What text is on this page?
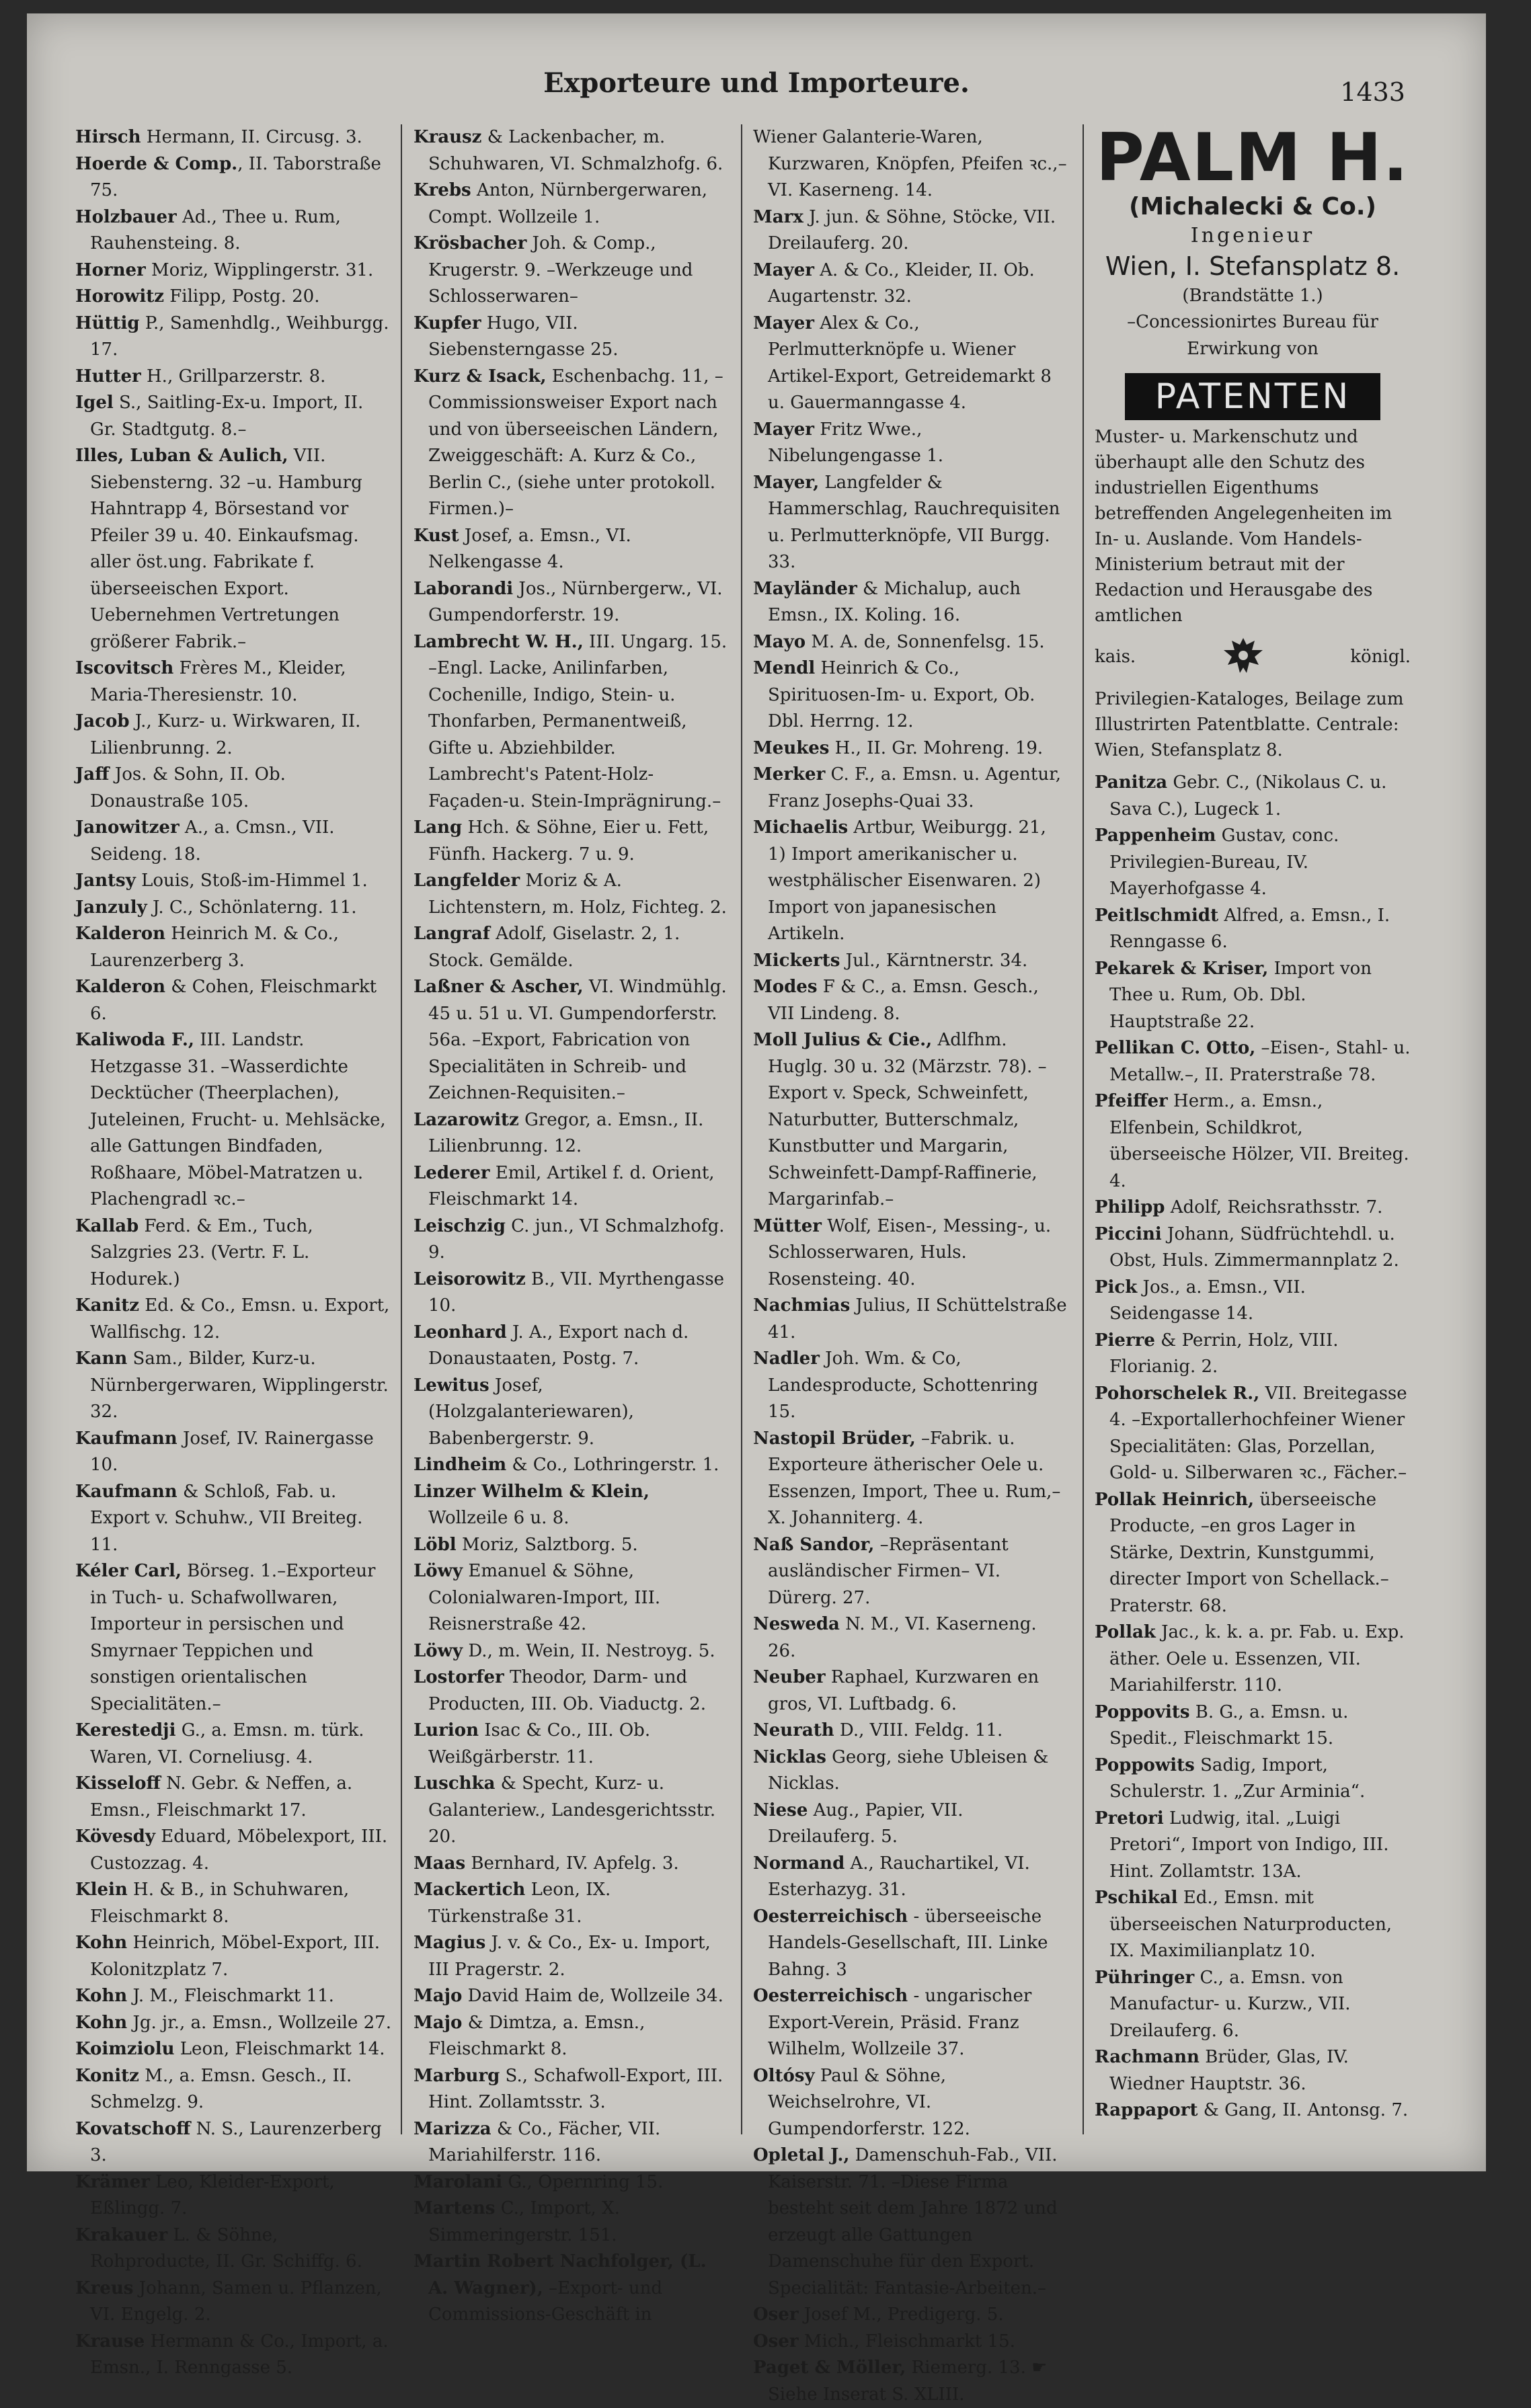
Exporteure und Importeure.	1433
Hirsch Hermann, II. Circusg. 3.
Hoerde & Comp., II. Taborstraße 75.
Holzbauer Ad., Thee u. Rum, Rauhensteing. 8.
Horner Moriz, Wipplingerstr. 31.
Horowitz Filipp, Postg. 20.
Hüttig P., Samenhdlg., Weihburgg. 17.
Hutter H., Grillparzerstr. 8.
Igel S., Saitling-Ex-u. Import, II. Gr. Stadtgutg. 8.–
Illes, Luban & Aulich, VII. Siebensterng. 32 –u. Hamburg Hahntrapp 4, Börsestand vor Pfeiler 39 u. 40. Einkaufsmag. aller öst.ung. Fabrikate f. überseeischen Export. Uebernehmen Vertretungen größerer Fabrik.–
Iscovitsch Frères M., Kleider, Maria-Theresienstr. 10.
Jacob J., Kurz- u. Wirkwaren, II. Lilienbrunng. 2.
Jaff Jos. & Sohn, II. Ob. Donaustraße 105.
Janowitzer A., a. Cmsn., VII. Seideng. 18.
Jantsy Louis, Stoß-im-Himmel 1.
Janzuly J. C., Schönlaterng. 11.
Kalderon Heinrich M. & Co., Laurenzerberg 3.
Kalderon & Cohen, Fleischmarkt 6.
Kaliwoda F., III. Landstr. Hetzgasse 31. –Wasserdichte Decktücher (Theerplachen), Juteleinen, Frucht- u. Mehlsäcke, alle Gattungen Bindfaden, Roßhaare, Möbel-Matratzen u. Plachengradl ꝛc.–
Kallab Ferd. & Em., Tuch, Salzgries 23. (Vertr. F. L. Hodurek.)
Kanitz Ed. & Co., Emsn. u. Export, Wallfischg. 12.
Kann Sam., Bilder, Kurz-u. Nürnbergerwaren, Wipplingerstr. 32.
Kaufmann Josef, IV. Rainergasse 10.
Kaufmann & Schloß, Fab. u. Export v. Schuhw., VII Breiteg. 11.
Kéler Carl, Börseg. 1.–Exporteur in Tuch- u. Schafwollwaren, Importeur in persischen und Smyrnaer Teppichen und sonstigen orientalischen Specialitäten.–
Kerestedji G., a. Emsn. m. türk. Waren, VI. Corneliusg. 4.
Kisseloff N. Gebr. & Neffen, a. Emsn., Fleischmarkt 17.
Kövesdy Eduard, Möbelexport, III. Custozzag. 4.
Klein H. & B., in Schuhwaren, Fleischmarkt 8.
Kohn Heinrich, Möbel-Export, III. Kolonitzplatz 7.
Kohn J. M., Fleischmarkt 11.
Kohn Jg. jr., a. Emsn., Wollzeile 27.
Koimziolu Leon, Fleischmarkt 14.
Konitz M., a. Emsn. Gesch., II. Schmelzg. 9.
Kovatschoff N. S., Laurenzerberg 3.
Krämer Leo, Kleider-Export, Eßlingg. 7.
Krakauer L. & Söhne, Rohproducte, II. Gr. Schiffg. 6.
Kreus Johann, Samen u. Pflanzen, VI. Engelg. 2.
Krause Hermann & Co., Import, a. Emsn., I. Renngasse 5.
Krausz & Lackenbacher, m. Schuhwaren, VI. Schmalzhofg. 6.
Krebs Anton, Nürnbergerwaren, Compt. Wollzeile 1.
Krösbacher Joh. & Comp., Krugerstr. 9. –Werkzeuge und Schlosserwaren–
Kupfer Hugo, VII. Siebensterngasse 25.
Kurz & Isack, Eschenbachg. 11, –Commissionsweiser Export nach und von überseeischen Ländern, Zweiggeschäft: A. Kurz & Co., Berlin C., (siehe unter protokoll. Firmen.)–
Kust Josef, a. Emsn., VI. Nelkengasse 4.
Laborandi Jos., Nürnbergerw., VI. Gumpendorferstr. 19.
Lambrecht W. H., III. Ungarg. 15. –Engl. Lacke, Anilinfarben, Cochenille, Indigo, Stein- u. Thonfarben, Permanentweiß, Gifte u. Abziehbilder. Lambrecht's Patent-Holz-Façaden-u. Stein-Imprägnirung.–
Lang Hch. & Söhne, Eier u. Fett, Fünfh. Hackerg. 7 u. 9.
Langfelder Moriz & A. Lichtenstern, m. Holz, Fichteg. 2.
Langraf Adolf, Giselastr. 2, 1. Stock. Gemälde.
Laßner & Ascher, VI. Windmühlg. 45 u. 51 u. VI. Gumpendorferstr. 56a. –Export, Fabrication von Specialitäten in Schreib- und Zeichnen-Requisiten.–
Lazarowitz Gregor, a. Emsn., II. Lilienbrunng. 12.
Lederer Emil, Artikel f. d. Orient, Fleischmarkt 14.
Leischzig C. jun., VI Schmalzhofg. 9.
Leisorowitz B., VII. Myrthengasse 10.
Leonhard J. A., Export nach d. Donaustaaten, Postg. 7.
Lewitus Josef, (Holzgalanteriewaren), Babenbergerstr. 9.
Lindheim & Co., Lothringerstr. 1.
Linzer Wilhelm & Klein, Wollzeile 6 u. 8.
Löbl Moriz, Salztborg. 5.
Löwy Emanuel & Söhne, Colonialwaren-Import, III. Reisnerstraße 42.
Löwy D., m. Wein, II. Nestroyg. 5.
Lostorfer Theodor, Darm- und Producten, III. Ob. Viaductg. 2.
Lurion Isac & Co., III. Ob. Weißgärberstr. 11.
Luschka & Specht, Kurz- u. Galanteriew., Landesgerichtsstr. 20.
Maas Bernhard, IV. Apfelg. 3.
Mackertich Leon, IX. Türkenstraße 31.
Magius J. v. & Co., Ex- u. Import, III Pragerstr. 2.
Majo David Haim de, Wollzeile 34.
Majo & Dimtza, a. Emsn., Fleischmarkt 8.
Marburg S., Schafwoll-Export, III. Hint. Zollamtsstr. 3.
Marizza & Co., Fächer, VII. Mariahilferstr. 116.
Marolani G., Opernring 15.
Martens C., Import, X. Simmeringerstr. 151.
Martin Robert Nachfolger, (L. A. Wagner), –Export- und Commissions-Geschäft in
Wiener Galanterie-Waren, Kurzwaren, Knöpfen, Pfeifen ꝛc.,– VI. Kaserneng. 14.
Marx J. jun. & Söhne, Stöcke, VII. Dreilauferg. 20.
Mayer A. & Co., Kleider, II. Ob. Augartenstr. 32.
Mayer Alex & Co., Perlmutterknöpfe u. Wiener Artikel-Export, Getreidemarkt 8 u. Gauermanngasse 4.
Mayer Fritz Wwe., Nibelungengasse 1.
Mayer, Langfelder & Hammerschlag, Rauchrequisiten u. Perlmutterknöpfe, VII Burgg. 33.
Mayländer & Michalup, auch Emsn., IX. Koling. 16.
Mayo M. A. de, Sonnenfelsg. 15.
Mendl Heinrich & Co., Spirituosen-Im- u. Export, Ob. Dbl. Herrng. 12.
Meukes H., II. Gr. Mohreng. 19.
Merker C. F., a. Emsn. u. Agentur, Franz Josephs-Quai 33.
Michaelis Artbur, Weiburgg. 21, 1) Import amerikanischer u. westphälischer Eisenwaren. 2) Import von japanesischen Artikeln.
Mickerts Jul., Kärntnerstr. 34.
Modes F & C., a. Emsn. Gesch., VII Lindeng. 8.
Moll Julius & Cie., Adlfhm. Huglg. 30 u. 32 (Märzstr. 78). –Export v. Speck, Schweinfett, Naturbutter, Butterschmalz, Kunstbutter und Margarin, Schweinfett-Dampf-Raffinerie, Margarinfab.–
Mütter Wolf, Eisen-, Messing-, u. Schlosserwaren, Huls. Rosensteing. 40.
Nachmias Julius, II Schüttelstraße 41.
Nadler Joh. Wm. & Co, Landesproducte, Schottenring 15.
Nastopil Brüder, –Fabrik. u. Exporteure ätherischer Oele u. Essenzen, Import, Thee u. Rum,– X. Johanniterg. 4.
Naß Sandor, –Repräsentant ausländischer Firmen– VI. Dürerg. 27.
Nesweda N. M., VI. Kaserneng. 26.
Neuber Raphael, Kurzwaren en gros, VI. Luftbadg. 6.
Neurath D., VIII. Feldg. 11.
Nicklas Georg, siehe Ubleisen & Nicklas.
Niese Aug., Papier, VII. Dreilauferg. 5.
Normand A., Rauchartikel, VI. Esterhazyg. 31.
Oesterreichisch - überseeische Handels-Gesellschaft, III. Linke Bahng. 3
Oesterreichisch - ungarischer Export-Verein, Präsid. Franz Wilhelm, Wollzeile 37.
Oltósy Paul & Söhne, Weichselrohre, VI. Gumpendorferstr. 122.
Opletal J., Damenschuh-Fab., VII. Kaiserstr. 71. –Diese Firma besteht seit dem Jahre 1872 und erzeugt alle Gattungen Damenschuhe für den Export. Specialität: Fantasie-Arbeiten.–
Oser Josef M., Predigerg. 5.
Oser Mich., Fleischmarkt 15.
Paget & Möller, Riemerg. 13. ☛ Siehe Inserat S. XLIII.
PALM H.
(Michalecki & Co.)
Ingenieur
Wien, I. Stefansplatz 8.
(Brandstätte 1.)
–Concessionirtes Bureau für Erwirkung von
PATENTEN
Muster- u. Markenschutz und überhaupt alle den Schutz des industriellen Eigenthums betreffenden Angelegenheiten im In- u. Auslande. Vom Handels-Ministerium betraut mit der Redaction und Herausgabe des amtlichen
kais.	königl.
Privilegien-Kataloges, Beilage zum Illustrirten Patentblatte. Centrale: Wien, Stefansplatz 8.
Panitza Gebr. C., (Nikolaus C. u. Sava C.), Lugeck 1.
Pappenheim Gustav, conc. Privilegien-Bureau, IV. Mayerhofgasse 4.
Peitlschmidt Alfred, a. Emsn., I. Renngasse 6.
Pekarek & Kriser, Import von Thee u. Rum, Ob. Dbl. Hauptstraße 22.
Pellikan C. Otto, –Eisen-, Stahl- u. Metallw.–, II. Praterstraße 78.
Pfeiffer Herm., a. Emsn., Elfenbein, Schildkrot, überseeische Hölzer, VII. Breiteg. 4.
Philipp Adolf, Reichsrathsstr. 7.
Piccini Johann, Südfrüchtehdl. u. Obst, Huls. Zimmermannplatz 2.
Pick Jos., a. Emsn., VII. Seidengasse 14.
Pierre & Perrin, Holz, VIII. Florianig. 2.
Pohorschelek R., VII. Breitegasse 4. –Exportallerhochfeiner Wiener Specialitäten: Glas, Porzellan, Gold- u. Silberwaren ꝛc., Fächer.–
Pollak Heinrich, überseeische Producte, –en gros Lager in Stärke, Dextrin, Kunstgummi, directer Import von Schellack.– Praterstr. 68.
Pollak Jac., k. k. a. pr. Fab. u. Exp. äther. Oele u. Essenzen, VII. Mariahilferstr. 110.
Poppovits B. G., a. Emsn. u. Spedit., Fleischmarkt 15.
Poppowits Sadig, Import, Schulerstr. 1. „Zur Arminia“.
Pretori Ludwig, ital. „Luigi Pretori“, Import von Indigo, III. Hint. Zollamtstr. 13A.
Pschikal Ed., Emsn. mit überseeischen Naturproducten, IX. Maximilianplatz 10.
Pühringer C., a. Emsn. von Manufactur- u. Kurzw., VII. Dreilauferg. 6.
Rachmann Brüder, Glas, IV. Wiedner Hauptstr. 36.
Rappaport & Gang, II. Antonsg. 7.
